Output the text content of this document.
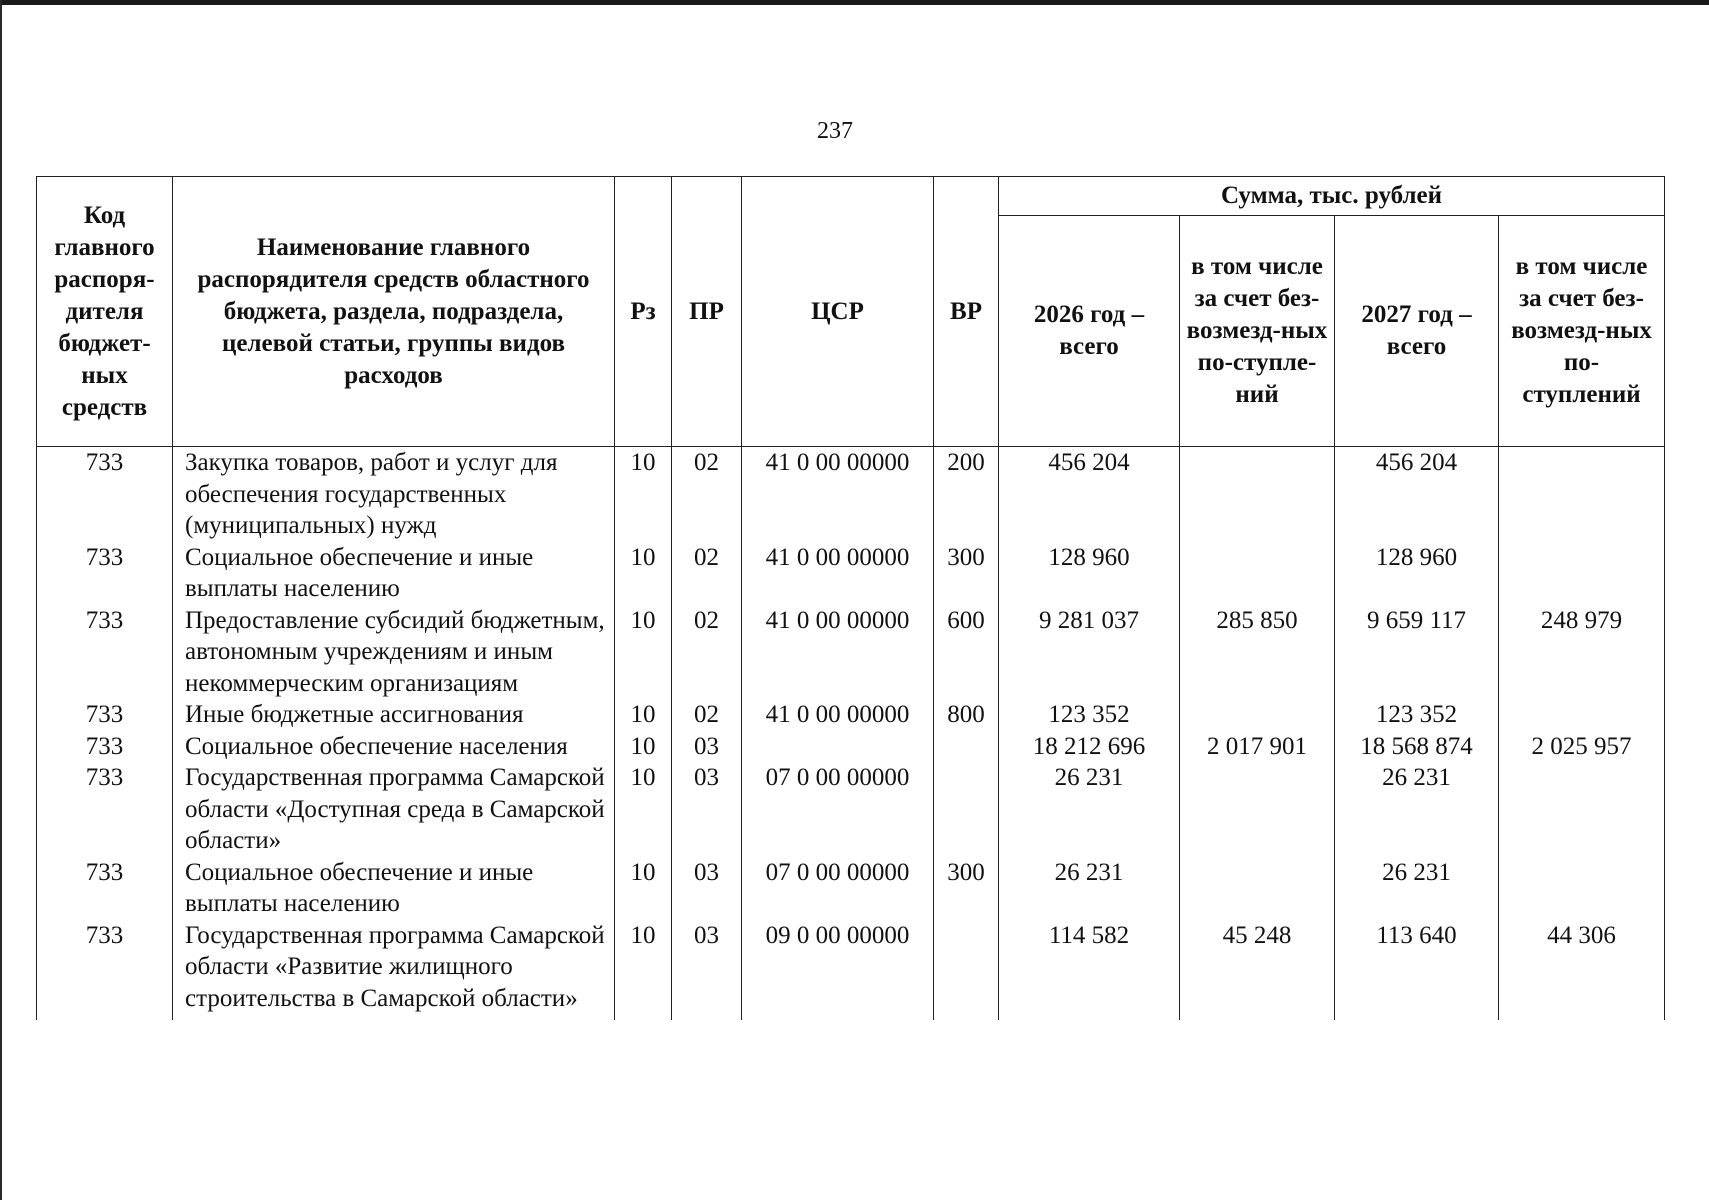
237
Код главного распоря-дителя бюджет-ных средств	Наименование главного распорядителя средств областного бюджета, раздела, подраздела, целевой статьи, группы видов расходов	Рз	ПР	ЦСР	ВР	Сумма, тыс. рублей			
						2026 год – всего	в том числе за счет без-возмезд-ных по-ступле-ний	2027 год – всего	в том числе за счет без-возмезд-ных по-ступлений
733	Закупка товаров, работ и услуг для обеспечения государственных (муниципальных) нужд	10	02	41 0 00 00000	200	456 204		456 204	
733	Социальное обеспечение и иные выплаты населению	10	02	41 0 00 00000	300	128 960		128 960	
733	Предоставление субсидий бюджетным, автономным учреждениям и иным некоммерческим организациям	10	02	41 0 00 00000	600	9 281 037	285 850	9 659 117	248 979
733	Иные бюджетные ассигнования	10	02	41 0 00 00000	800	123 352		123 352	
733	Социальное обеспечение населения	10	03			18 212 696	2 017 901	18 568 874	2 025 957
733	Государственная программа Самарской области «Доступная среда в Самарской области»	10	03	07 0 00 00000		26 231		26 231	
733	Социальное обеспечение и иные выплаты населению	10	03	07 0 00 00000	300	26 231		26 231	
733	Государственная программа Самарской области «Развитие жилищного строительства в Самарской области»	10	03	09 0 00 00000		114 582	45 248	113 640	44 306
